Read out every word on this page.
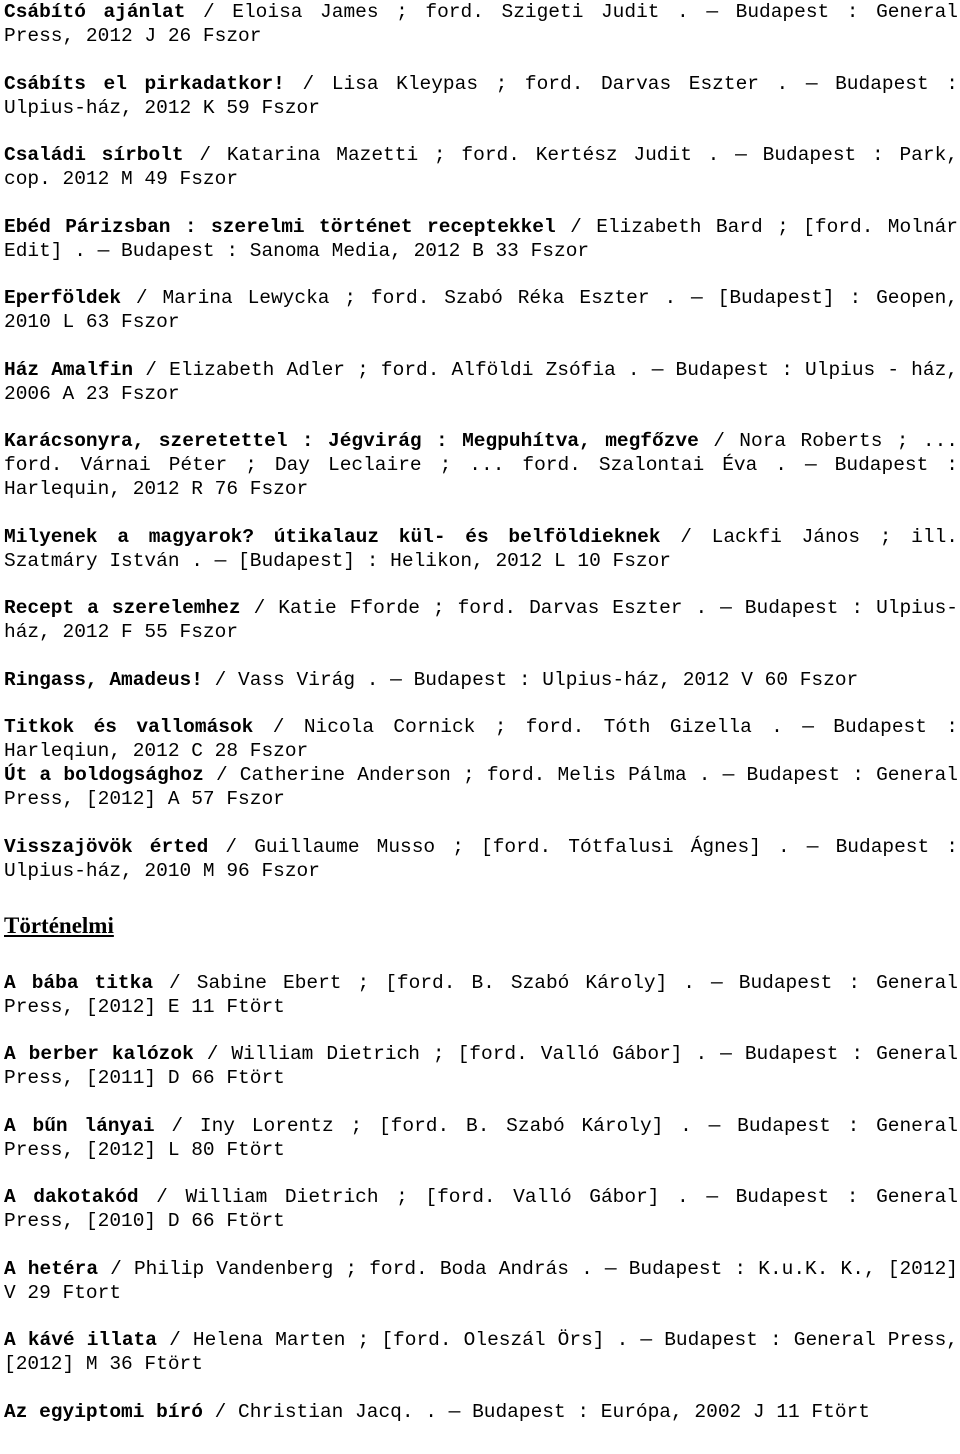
Csábító ajánlat / Eloisa James ; ford. Szigeti Judit . — Budapest : General Press, 2012 J 26 Fszor

Csábíts el pirkadatkor! / Lisa Kleypas ; ford. Darvas Eszter . — Budapest : Ulpius-ház, 2012 K 59 Fszor

Családi sírbolt / Katarina Mazetti ; ford. Kertész Judit . — Budapest : Park, cop. 2012 M 49 Fszor

Ebéd Párizsban : szerelmi történet receptekkel / Elizabeth Bard ; [ford. Molnár Edit] . — Budapest : Sanoma Media, 2012 B 33 Fszor

Eperföldek / Marina Lewycka ; ford. Szabó Réka Eszter . — [Budapest] : Geopen, 2010 L 63 Fszor

Ház Amalfin / Elizabeth Adler ; ford. Alföldi Zsófia . — Budapest : Ulpius - ház, 2006 A 23 Fszor

Karácsonyra, szeretettel : Jégvirág : Megpuhítva, megfőzve / Nora Roberts ; ... ford. Várnai Péter ; Day Leclaire ; ... ford. Szalontai Éva . — Budapest : Harlequin, 2012 R 76 Fszor

Milyenek a magyarok? útikalauz kül- és belföldieknek / Lackfi János ; ill. Szatmáry István . — [Budapest] : Helikon, 2012 L 10 Fszor

Recept a szerelemhez / Katie Fforde ; ford. Darvas Eszter . — Budapest : Ulpius-ház, 2012 F 55 Fszor

Ringass, Amadeus! / Vass Virág . — Budapest : Ulpius-ház, 2012 V 60 Fszor

Titkok és vallomások / Nicola Cornick ; ford. Tóth Gizella . — Budapest : Harleqiun, 2012 C 28 Fszor

Út a boldogsághoz / Catherine Anderson ; ford. Melis Pálma . — Budapest : General Press, [2012] A 57 Fszor

Visszajövök érted / Guillaume Musso ; [ford. Tótfalusi Ágnes] . — Budapest : Ulpius-ház, 2010 M 96 Fszor

Történelmi

A bába titka / Sabine Ebert ; [ford. B. Szabó Károly] . — Budapest : General Press, [2012] E 11 Ftört

A berber kalózok / William Dietrich ; [ford. Valló Gábor] . — Budapest : General Press, [2011] D 66 Ftört

A bűn lányai / Iny Lorentz ; [ford. B. Szabó Károly] . — Budapest : General Press, [2012] L 80 Ftört

A dakotakód / William Dietrich ; [ford. Valló Gábor] . — Budapest : General Press, [2010] D 66 Ftört

A hetéra / Philip Vandenberg ; ford. Boda András . — Budapest : K.u.K. K., [2012] V 29 Ftort

A kávé illata / Helena Marten ; [ford. Oleszál Örs] . — Budapest : General Press, [2012] M 36 Ftört

Az egyiptomi bíró / Christian Jacq. . — Budapest : Európa, 2002 J 11 Ftört
